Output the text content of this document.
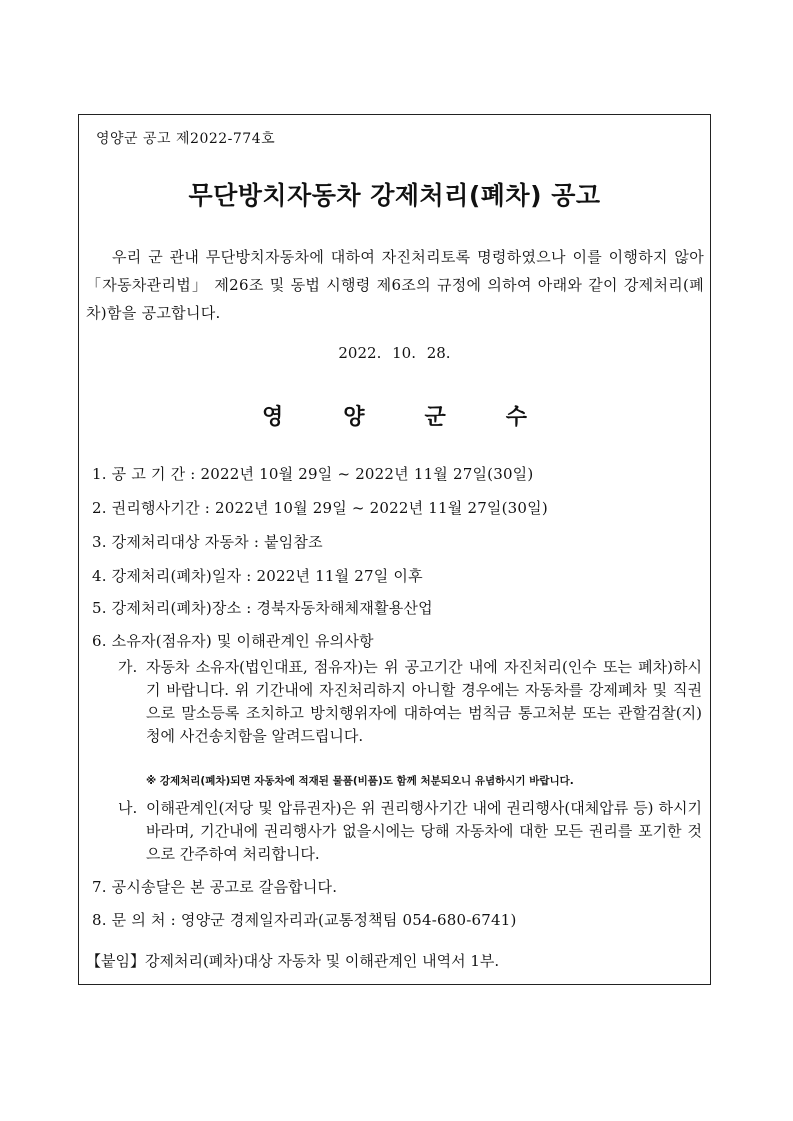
영양군 공고 제2022-774호
무단방치자동차 강제처리(폐차) 공고
우리 군 관내 무단방치자동차에 대하여 자진처리토록 명령하였으나 이를 이행하지 않아 「자동차관리법」 제26조 및 동법 시행령 제6조의 규정에 의하여 아래와 같이 강제처리(폐차)함을 공고합니다.
2022. 10. 28.
영양군수
1. 공 고 기 간 : 2022년 10월 29일 ~ 2022년 11월 27일(30일)
2. 권리행사기간 : 2022년 10월 29일 ~ 2022년 11월 27일(30일)
3. 강제처리대상 자동차 : 붙임참조
4. 강제처리(폐차)일자 : 2022년 11월 27일 이후
5. 강제처리(폐차)장소 : 경북자동차해체재활용산업
6. 소유자(점유자) 및 이해관계인 유의사항
가. 자동차 소유자(법인대표, 점유자)는 위 공고기간 내에 자진처리(인수 또는 폐차)하시기 바랍니다. 위 기간내에 자진처리하지 아니할 경우에는 자동차를 강제폐차 및 직권으로 말소등록 조치하고 방치행위자에 대하여는 범칙금 통고처분 또는 관할검찰(지)청에 사건송치함을 알려드립니다.
※ 강제처리(폐차)되면 자동차에 적재된 물품(비품)도 함께 처분되오니 유념하시기 바랍니다.
나. 이해관계인(저당 및 압류권자)은 위 권리행사기간 내에 권리행사(대체압류 등) 하시기 바라며, 기간내에 권리행사가 없을시에는 당해 자동차에 대한 모든 권리를 포기한 것으로 간주하여 처리합니다.
7. 공시송달은 본 공고로 갈음합니다.
8. 문 의 처 : 영양군 경제일자리과(교통정책팀 054-680-6741)
【붙임】강제처리(폐차)대상 자동차 및 이해관계인 내역서 1부.
